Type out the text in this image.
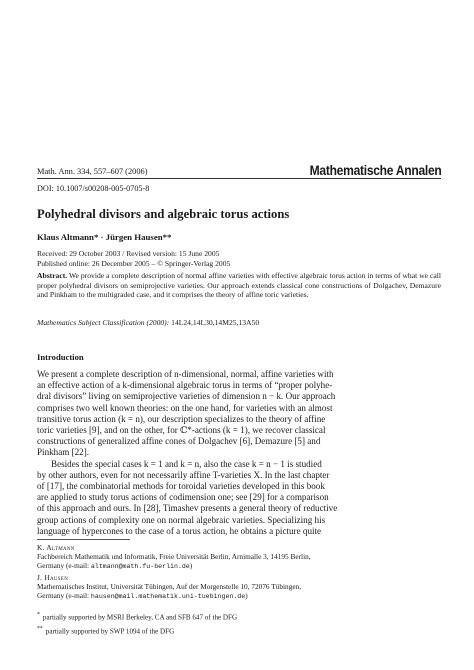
Math. Ann. 334, 557–607 (2006)	Mathematische Annalen
DOI: 10.1007/s00208-005-0705-8
Polyhedral divisors and algebraic torus actions
Klaus Altmann* · Jürgen Hausen**
Received: 29 October 2003 / Revised version: 15 June 2005
Published online: 26 December 2005 – © Springer-Verlag 2005
Abstract. We provide a complete description of normal affine varieties with effective algebraic torus action in terms of what we call proper polyhedral divisors on semiprojective varieties. Our approach extends classical cone constructions of Dolgachev, Demazure and Pinkham to the multigraded case, and it comprises the theory of affine toric varieties.
Mathematics Subject Classification (2000): 14L24,14L30,14M25,13A50
Introduction
We present a complete description of n-dimensional, normal, affine varieties with
an effective action of a k-dimensional algebraic torus in terms of “proper polyhe-
dral divisors” living on semiprojective varieties of dimension n − k. Our approach
comprises two well known theories: on the one hand, for varieties with an almost
transitive torus action (k = n), our description specializes to the theory of affine
toric varieties [9], and on the other, for ℂ*-actions (k = 1), we recover classical
constructions of generalized affine cones of Dolgachev [6], Demazure [5] and
Pinkham [22].
Besides the special cases k = 1 and k = n, also the case k = n − 1 is studied
by other authors, even for not necessarily affine T-varieties X. In the last chapter
of [17], the combinatorial methods for toroidal varieties developed in this book
are applied to study torus actions of codimension one; see [29] for a comparison
of this approach and ours. In [28], Timashev presents a general theory of reductive
group actions of complexity one on normal algebraic varieties. Specializing his
language of hypercones to the case of a torus action, he obtains a picture quite
K. Altmann
Fachbereich Mathematik und Informatik, Freie Universität Berlin, Arnimalle 3, 14195 Berlin,
Germany (e-mail: altmann@math.fu-berlin.de)
J. Hausen
Mathematisches Institut, Universität Tübingen, Auf der Morgenstelle 10, 72076 Tübingen,
Germany (e-mail: hausen@mail.mathematik.uni-tuebingen.de)
* partially supported by MSRI Berkeley, CA and SFB 647 of the DFG
** partially supported by SWP 1094 of the DFG
